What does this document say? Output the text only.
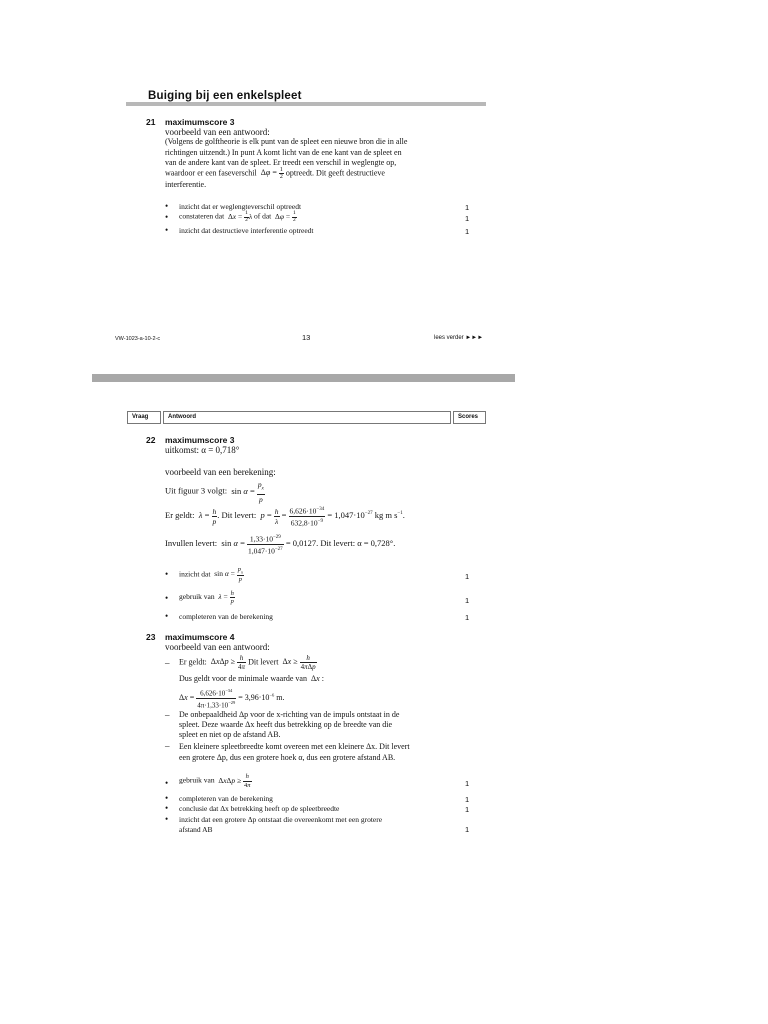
Buiging bij een enkelspleet
21 maximumscore 3
voorbeeld van een antwoord:
(Volgens de golftheorie is elk punt van de spleet een nieuwe bron die in alle
richtingen uitzendt.) In punt A komt licht van de ene kant van de spleet en
van de andere kant van de spleet. Er treedt een verschil in weglengte op,
waardoor er een faseverschil  $\Delta\varphi = \frac{1}{2}$ optreedt. Dit geeft destructieve
interferentie.
• inzicht dat er weglengteverschil optreedt	1
• constateren dat  $\Delta x = \frac{1}{2}$ λ of dat  $\Delta\varphi = \frac{1}{2}$	1
• inzicht dat destructieve interferentie optreedt	1
VW-1023-a-10-2-c	13	lees verder ►►►
Vraag	Antwoord	Scores
22 maximumscore 3
uitkomst: α = 0,718°
voorbeeld van een berekening:
Uit figuur 3 volgt:  $\sin \alpha = \frac{p_x}{p}$
Er geldt: $\lambda = \frac{h}{p}$ . Dit levert: $p = \frac{h}{\lambda} = \frac{6,626\cdot 10^{-34}}{632,8\cdot 10^{-9}} = 1,047\cdot 10^{-27}$ kg m $s^{-1}$.
Invullen levert:  $\sin \alpha = \frac{1,33\cdot 10^{-29}}{1,047\cdot 10^{-27}} = 0,0127$. Dit levert: α = 0,728°.
• inzicht dat  $\sin \alpha = \frac{p_x}{p}$	1
• gebruik van $\lambda = \frac{h}{p}$	1
• completeren van de berekening	1
23 maximumscore 4
voorbeeld van een antwoord:
– Er geldt:  $\Delta x\Delta p \ge \frac{h}{4\pi}$ Dit levert  $\Delta x \ge \frac{h}{\text{4πΔp}}$
Dus geldt voor de minimale waarde van  Δx :
$\Delta x = \frac{6,626\cdot 10^{-34}}{4\pi\cdot 1,33\cdot 10^{-29}} = 3,96\cdot 10^{-6}$ m.
– De onbepaaldheid Δp voor de x-richting van de impuls ontstaat in de
spleet. Deze waarde Δx heeft dus betrekking op de breedte van die
spleet en niet op de afstand AB.
– Een kleinere spleetbreedte komt overeen met een kleinere Δx. Dit levert
een grotere Δp, dus een grotere hoek α, dus een grotere afstand AB.
• gebruik van  $\Delta x\Delta p \ge \frac{h}{4\pi}$	1
• completeren van de berekening	1
• conclusie dat Δx betrekking heeft op de spleetbreedte	1
• inzicht dat een grotere Δp ontstaat die overeenkomt met een grotere
afstand AB	1
